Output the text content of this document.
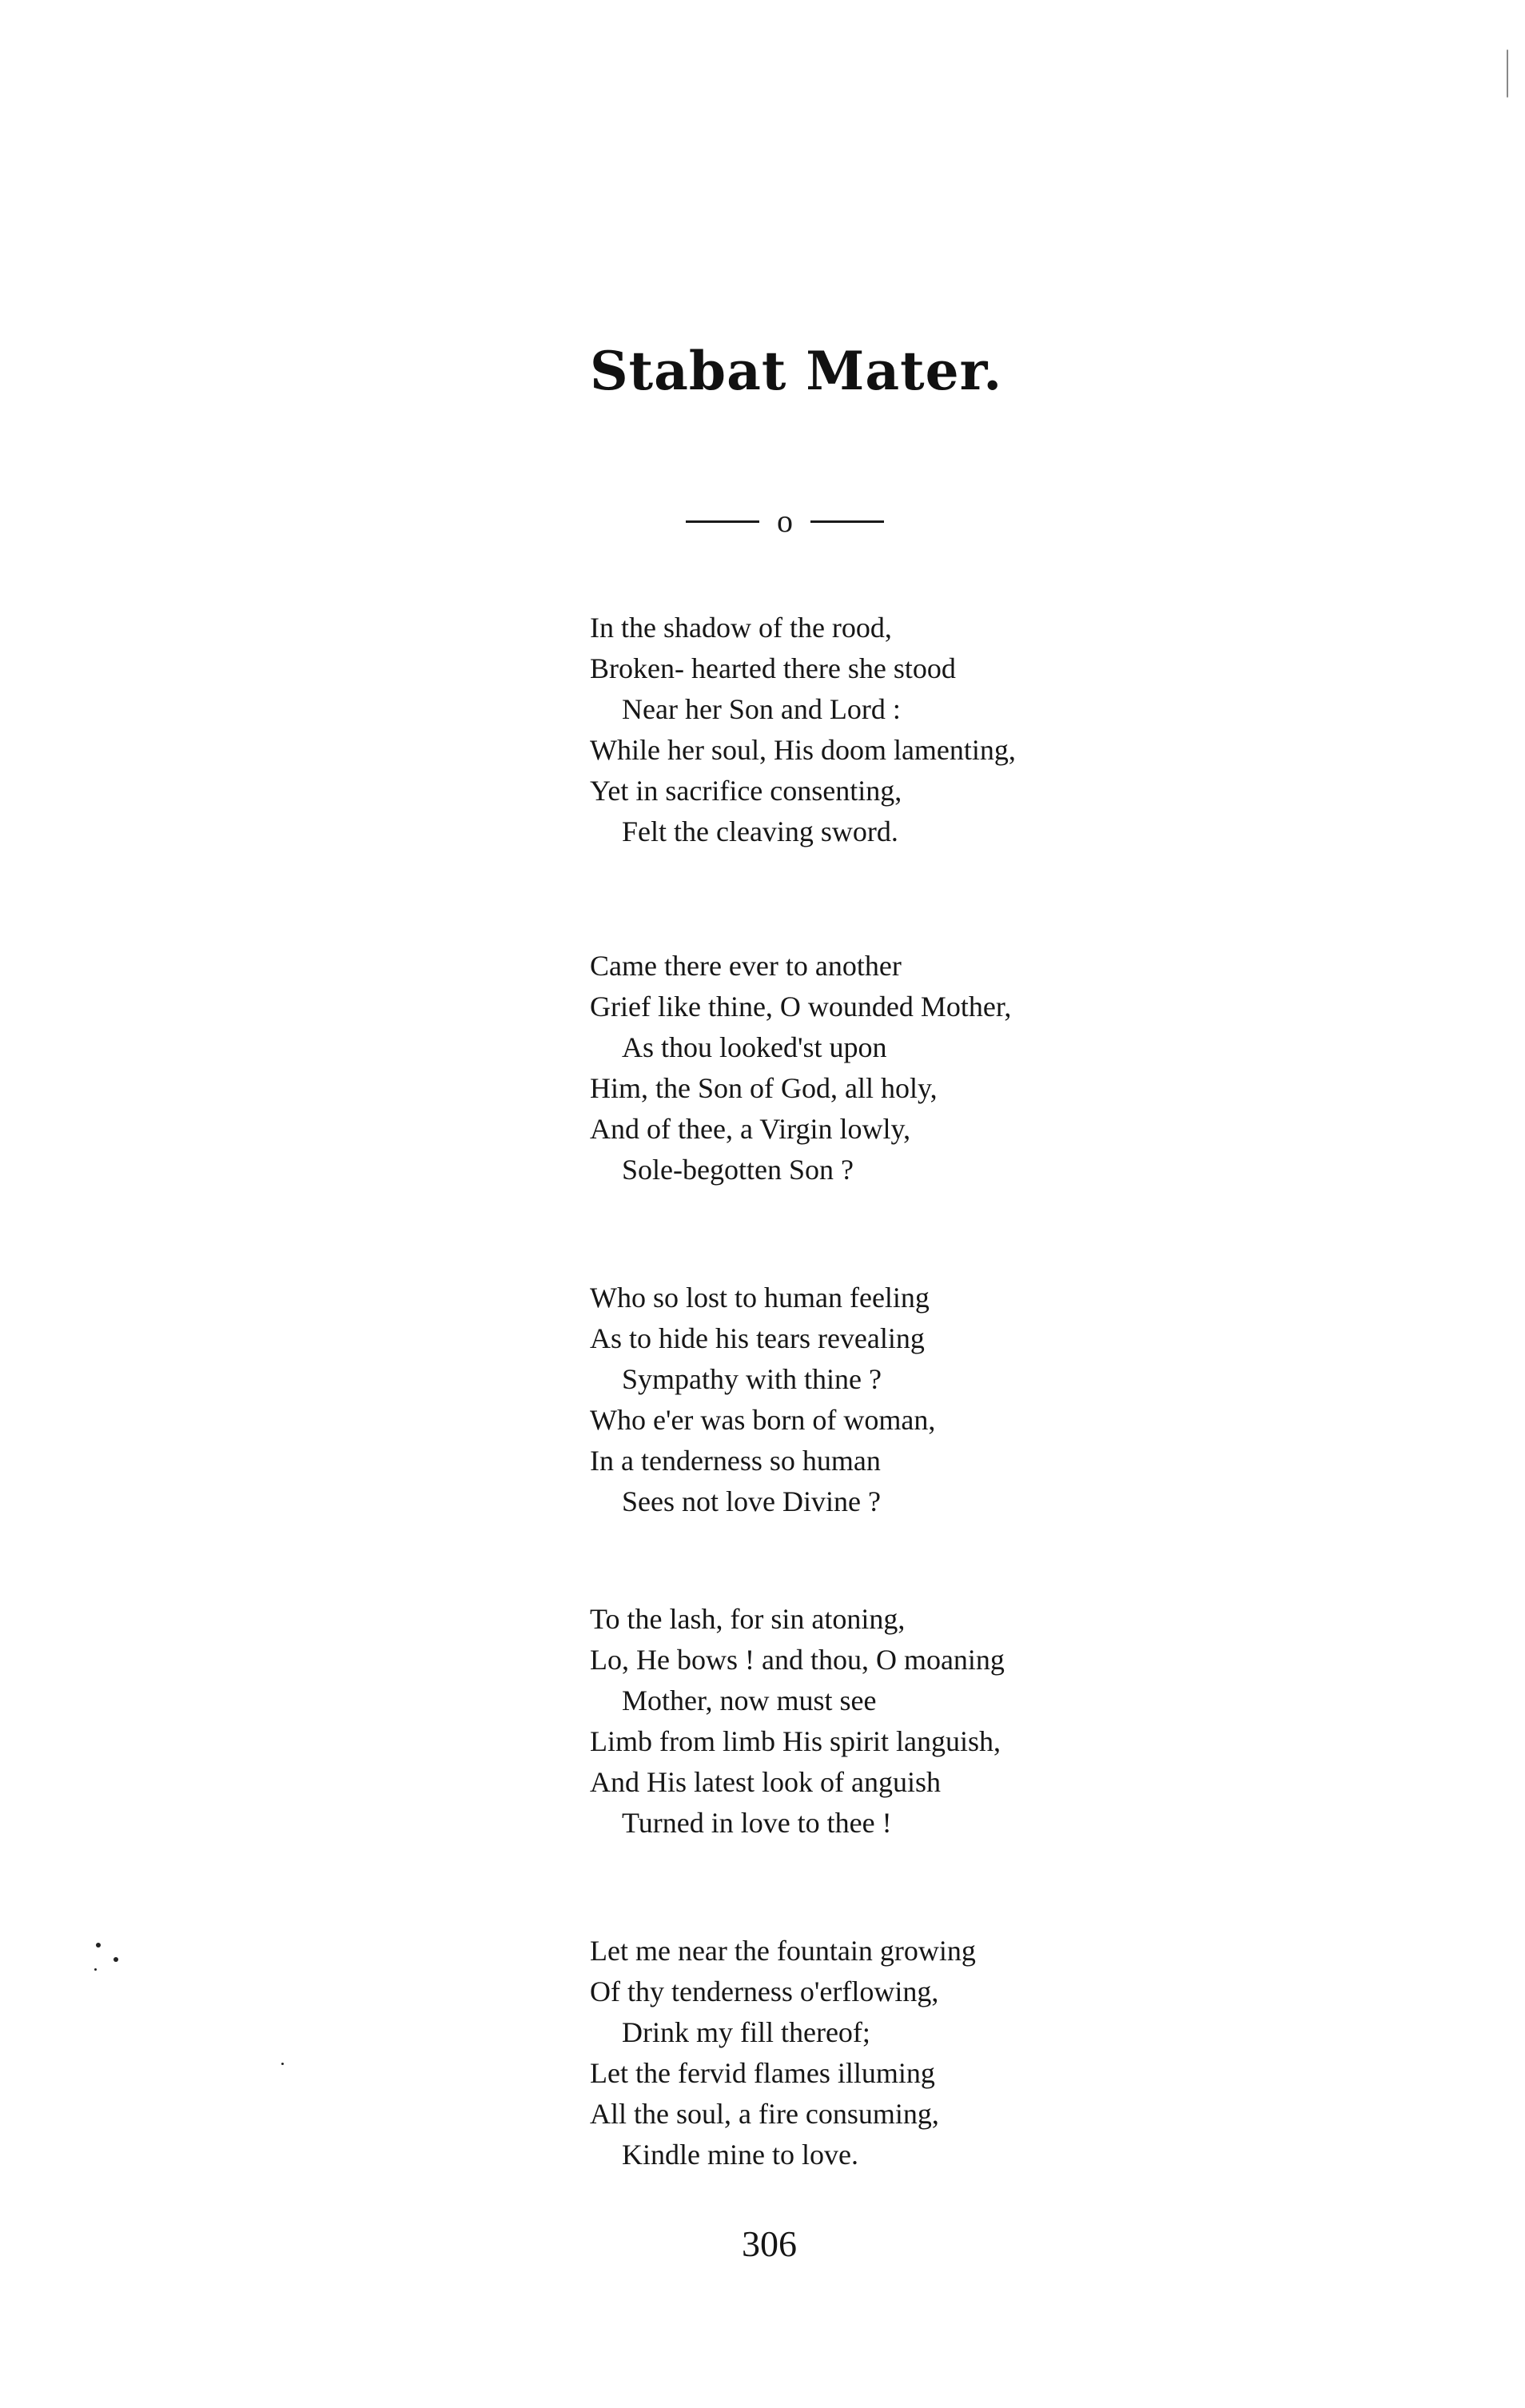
Stabat Mater.
o
In the shadow of the rood,
Broken- hearted there she stood
Near her Son and Lord :
While her soul, His doom lamenting,
Yet in sacrifice consenting,
Felt the cleaving sword.
Came there ever to another
Grief like thine, O wounded Mother,
As thou looked'st upon
Him, the Son of God, all holy,
And of thee, a Virgin lowly,
Sole-begotten Son ?
Who so lost to human feeling
As to hide his tears revealing
Sympathy with thine ?
Who e'er was born of woman,
In a tenderness so human
Sees not love Divine ?
To the lash, for sin atoning,
Lo, He bows ! and thou, O moaning
Mother, now must see
Limb from limb His spirit languish,
And His latest look of anguish
Turned in love to thee !
Let me near the fountain growing
Of thy tenderness o'erflowing,
Drink my fill thereof;
Let the fervid flames illuming
All the soul, a fire consuming,
Kindle mine to love.

306
